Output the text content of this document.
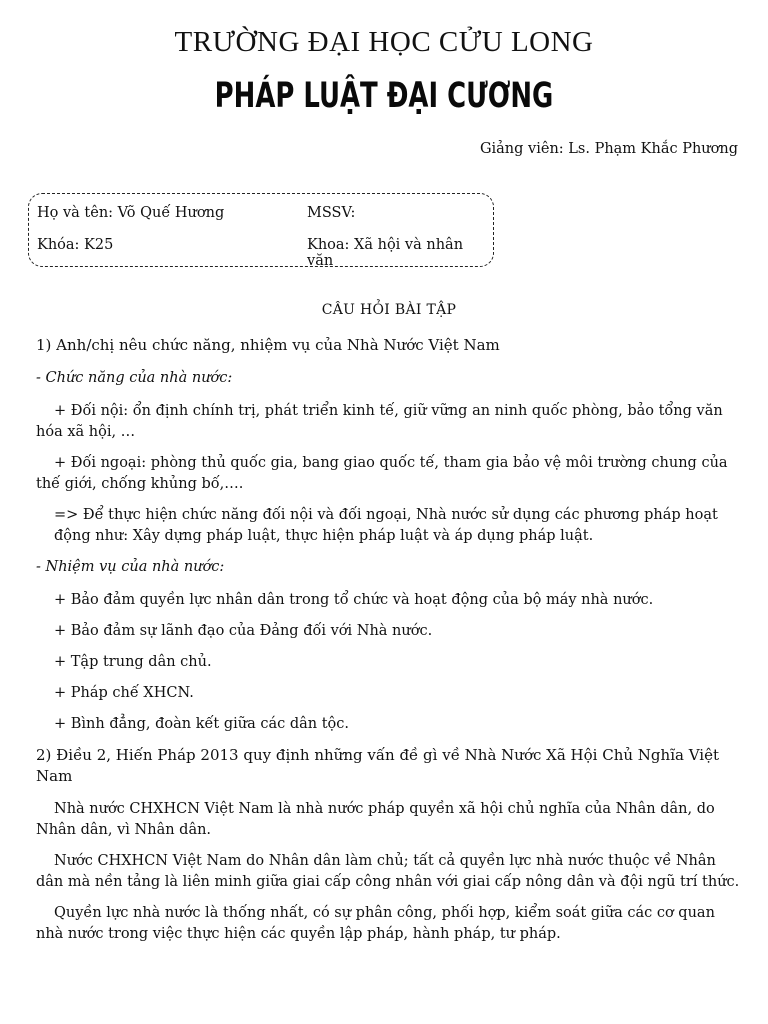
TRƯỜNG ĐẠI HỌC CỬU LONG
PHÁP LUẬT ĐẠI CƯƠNG
Giảng viên: Ls. Phạm Khắc Phương
Họ và tên: Võ Quế Hương	MSSV:
Khóa: K25	Khoa: Xã hội và nhân văn
CÂU HỎI BÀI TẬP
1) Anh/chị nêu chức năng, nhiệm vụ của Nhà Nước Việt Nam
- Chức năng của nhà nước:
+ Đối nội: ổn định chính trị, phát triển kinh tế, giữ vững an ninh quốc phòng, bảo tổng văn hóa xã hội, …
+ Đối ngoại: phòng thủ quốc gia, bang giao quốc tế, tham gia bảo vệ môi trường chung của thế giới, chống khủng bố,….
=> Để thực hiện chức năng đối nội và đối ngoại, Nhà nước sử dụng các phương pháp hoạt động như: Xây dựng pháp luật, thực hiện pháp luật và áp dụng pháp luật.
- Nhiệm vụ của nhà nước:
+ Bảo đảm quyền lực nhân dân trong tổ chức và hoạt động của bộ máy nhà nước.
+ Bảo đảm sự lãnh đạo của Đảng đối với Nhà nước.
+ Tập trung dân chủ.
+ Pháp chế XHCN.
+ Bình đẳng, đoàn kết giữa các dân tộc.
2) Điều 2, Hiến Pháp 2013 quy định những vấn đề gì về Nhà Nước Xã Hội Chủ Nghĩa Việt Nam
Nhà nước CHXHCN Việt Nam là nhà nước pháp quyền xã hội chủ nghĩa của Nhân dân, do Nhân dân, vì Nhân dân.
Nước CHXHCN Việt Nam do Nhân dân làm chủ; tất cả quyền lực nhà nước thuộc về Nhân dân mà nền tảng là liên minh giữa giai cấp công nhân với giai cấp nông dân và đội ngũ trí thức.
Quyền lực nhà nước là thống nhất, có sự phân công, phối hợp, kiểm soát giữa các cơ quan nhà nước trong việc thực hiện các quyền lập pháp, hành pháp, tư pháp.
